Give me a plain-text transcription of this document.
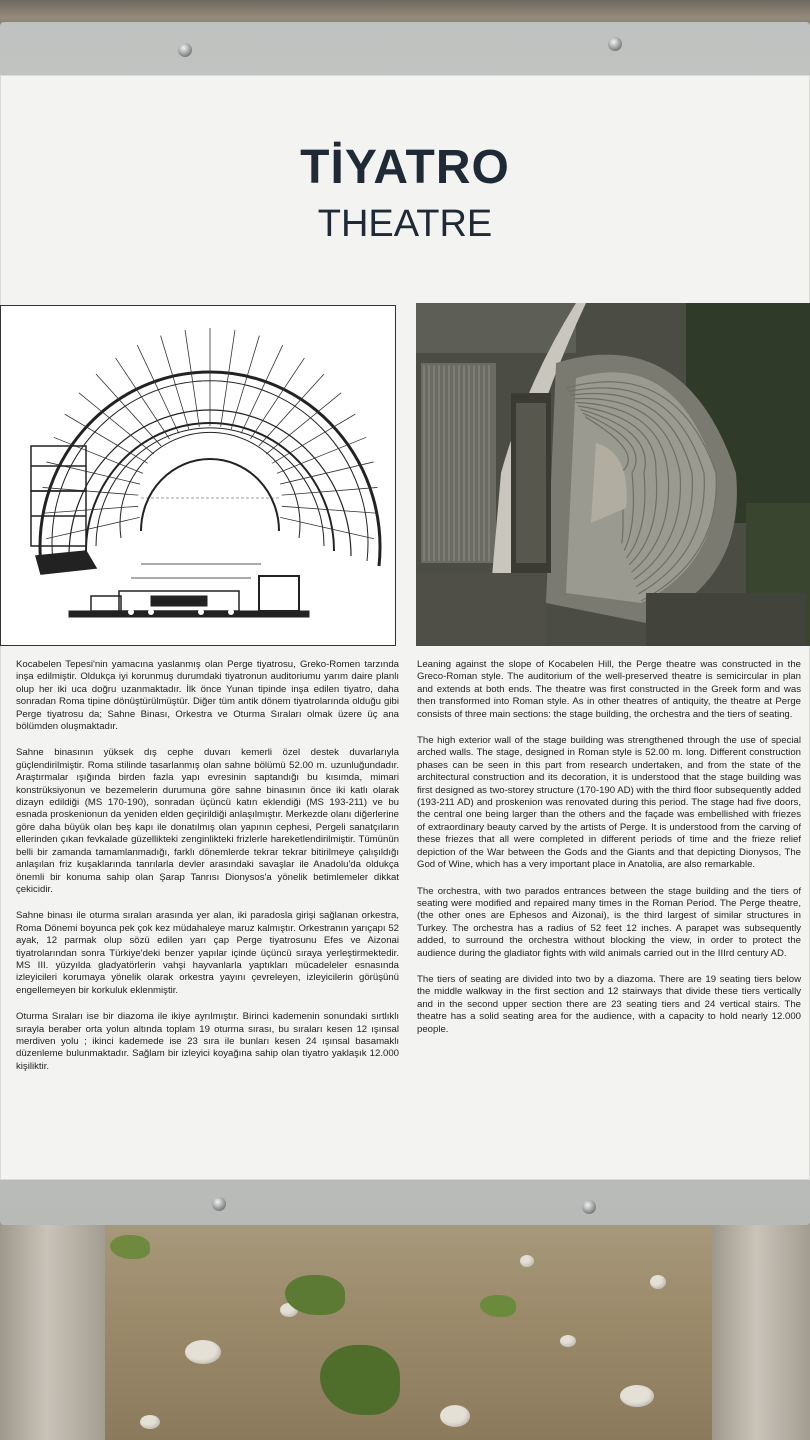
TİYATRO
THEATRE

Kocabelen Tepesi'nin yamacına yaslanmış olan Perge tiyatrosu, Greko-Romen tarzında inşa edilmiştir. Oldukça iyi korunmuş durumdaki tiyatronun auditoriumu yarım daire planlı olup her iki uca doğru uzanmaktadır. İlk önce Yunan tipinde inşa edilen tiyatro, daha sonradan Roma tipine dönüştürülmüştür. Diğer tüm antik dönem tiyatrolarında olduğu gibi Perge tiyatrosu da; Sahne Binası, Orkestra ve Oturma Sıraları olmak üzere üç ana bölümden oluşmaktadır.

Sahne binasının yüksek dış cephe duvarı kemerli özel destek duvarlarıyla güçlendirilmiştir. Roma stilinde tasarlanmış olan sahne bölümü 52.00 m. uzunluğundadır. Araştırmalar ışığında birden fazla yapı evresinin saptandığı bu kısımda, mimari konstrüksiyonun ve bezemelerin durumuna göre sahne binasının önce iki katlı olarak dizayn edildiği (MS 170-190), sonradan üçüncü katın eklendiği (MS 193-211) ve bu esnada proskenionun da yeniden elden geçirildiği anlaşılmıştır. Merkezde olanı diğerlerine göre daha büyük olan beş kapı ile donatılmış olan yapının cephesi, Pergeli sanatçıların ellerinden çıkan fevkalade güzellikteki zenginlikteki frizlerle hareketlendirilmiştir. Tümünün belli bir zamanda tamamlanmadığı, farklı dönemlerde tekrar tekrar bitirilmeye çalışıldığı anlaşılan friz kuşaklarında tanrılarla devler arasındaki savaşlar ile Anadolu'da oldukça önemli bir konuma sahip olan Şarap Tanrısı Dionysos'a yönelik betimlemeler dikkat çekicidir.

Sahne binası ile oturma sıraları arasında yer alan, iki paradosla girişi sağlanan orkestra, Roma Dönemi boyunca pek çok kez müdahaleye maruz kalmıştır. Orkestranın yarıçapı 52 ayak, 12 parmak olup sözü edilen yarı çap Perge tiyatrosunu Efes ve Aizonai tiyatrolarından sonra Türkiye'deki benzer yapılar içinde üçüncü sıraya yerleştirmektedir. MS III. yüzyılda gladyatörlerin vahşi hayvanlarla yaptıkları mücadeleler esnasında izleyicileri korumaya yönelik olarak orkestra yayını çevreleyen, izleyicilerin görüşünü engellemeyen bir korkuluk eklenmiştir.

Oturma Sıraları ise bir diazoma ile ikiye ayrılmıştır. Birinci kademenin sonundaki sırtlıklı sırayla beraber orta yolun altında toplam 19 oturma sırası, bu sıraları kesen 12 ışınsal merdiven yolu ; ikinci kademede ise 23 sıra ile bunları kesen 24 ışınsal basamaklı düzenleme bulunmaktadır. Sağlam bir izleyici koyağına sahip olan tiyatro yaklaşık 12.000 kişiliktir.

Leaning against the slope of Kocabelen Hill, the Perge theatre was constructed in the Greco-Roman style. The auditorium of the well-preserved theatre is semicircular in plan and extends at both ends. The theatre was first constructed in the Greek form and was then transformed into Roman style. As in other theatres of antiquity, the theatre at Perge consists of three main sections: the stage building, the orchestra and the tiers of seating.

The high exterior wall of the stage building was strengthened through the use of special arched walls. The stage, designed in Roman style is 52.00 m. long. Different construction phases can be seen in this part from research undertaken, and from the state of the architectural construction and its decoration, it is understood that the stage building was first designed as two-storey structure (170-190 AD) with the third floor subsequently added (193-211 AD) and proskenion was renovated during this period. The stage had five doors, the central one being larger than the others and the façade was embellished with friezes of extraordinary beauty carved by the artists of Perge. It is understood from the carving of these friezes that all were completed in different periods of time and the frieze relief depiction of the War between the Gods and the Giants and that depicting Dionysos, The God of Wine, which has a very important place in Anatolia, are also remarkable.

The orchestra, with two parados entrances between the stage building and the tiers of seating were modified and repaired many times in the Roman Period. The Perge theatre, (the other ones are Ephesos and Aizonai), is the third largest of similar structures in Turkey. The orchestra has a radius of 52 feet 12 inches. A parapet was subsequently added, to surround the orchestra without blocking the view, in order to protect the audience during the gladiator fights with wild animals carried out in the IIIrd century AD.

The tiers of seating are divided into two by a diazoma. There are 19 seating tiers below the middle walkway in the first section and 12 stairways that divide these tiers vertically and in the second upper section there are 23 seating tiers and 24 vertical stairs. The theatre has a solid seating area for the audience, with a capacity to hold nearly 12.000 people.
